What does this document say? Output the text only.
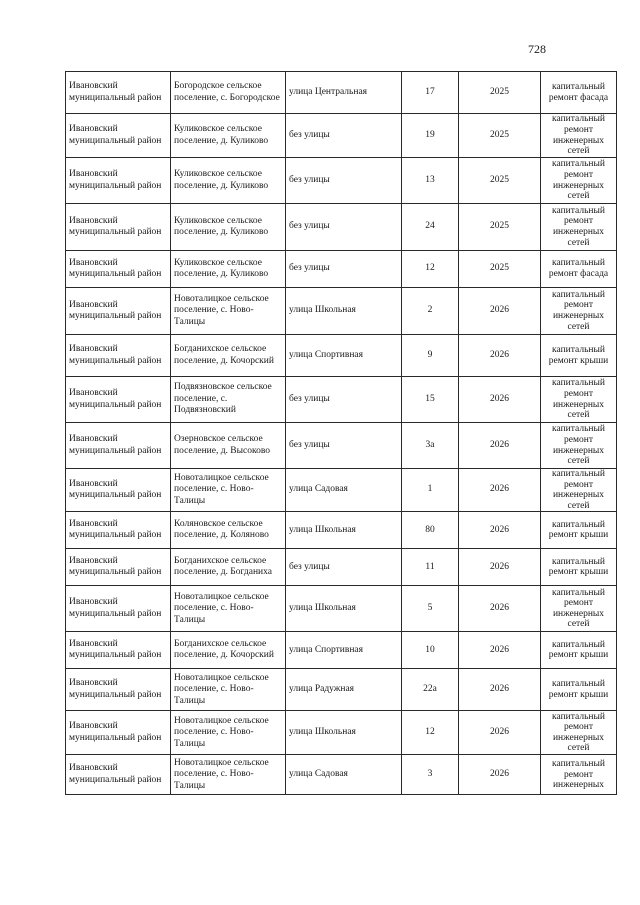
728
Ивановский муниципальный район	Богородское сельское поселение, с. Богородское	улица Центральная	17	2025	капитальный ремонт фасада
Ивановский муниципальный район	Куликовское сельское поселение, д. Куликово	без улицы	19	2025	капитальный ремонт инженерных сетей
Ивановский муниципальный район	Куликовское сельское поселение, д. Куликово	без улицы	13	2025	капитальный ремонт инженерных сетей
Ивановский муниципальный район	Куликовское сельское поселение, д. Куликово	без улицы	24	2025	капитальный ремонт инженерных сетей
Ивановский муниципальный район	Куликовское сельское поселение, д. Куликово	без улицы	12	2025	капитальный ремонт фасада
Ивановский муниципальный район	Новоталицкое сельское поселение, с. Ново-Талицы	улица Школьная	2	2026	капитальный ремонт инженерных сетей
Ивановский муниципальный район	Богданихское сельское поселение, д. Кочорский	улица Спортивная	9	2026	капитальный ремонт крыши
Ивановский муниципальный район	Подвязновское сельское поселение, с. Подвязновский	без улицы	15	2026	капитальный ремонт инженерных сетей
Ивановский муниципальный район	Озерновское сельское поселение, д. Высоково	без улицы	3а	2026	капитальный ремонт инженерных сетей
Ивановский муниципальный район	Новоталицкое сельское поселение, с. Ново-Талицы	улица Садовая	1	2026	капитальный ремонт инженерных сетей
Ивановский муниципальный район	Коляновское сельское поселение, д. Коляново	улица Школьная	80	2026	капитальный ремонт крыши
Ивановский муниципальный район	Богданихское сельское поселение, д. Богданиха	без улицы	11	2026	капитальный ремонт крыши
Ивановский муниципальный район	Новоталицкое сельское поселение, с. Ново-Талицы	улица Школьная	5	2026	капитальный ремонт инженерных сетей
Ивановский муниципальный район	Богданихское сельское поселение, д. Кочорский	улица Спортивная	10	2026	капитальный ремонт крыши
Ивановский муниципальный район	Новоталицкое сельское поселение, с. Ново-Талицы	улица Радужная	22а	2026	капитальный ремонт крыши
Ивановский муниципальный район	Новоталицкое сельское поселение, с. Ново-Талицы	улица Школьная	12	2026	капитальный ремонт инженерных сетей
Ивановский муниципальный район	Новоталицкое сельское поселение, с. Ново-Талицы	улица Садовая	3	2026	капитальный ремонт инженерных
